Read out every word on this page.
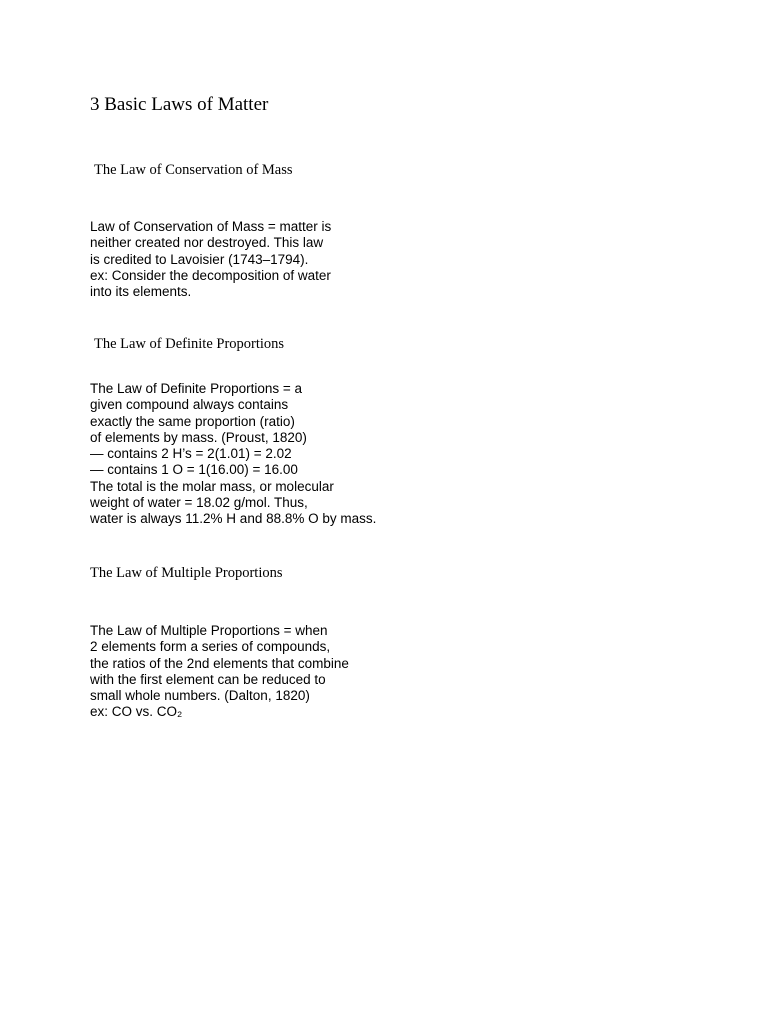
3 Basic Laws of Matter
The Law of Conservation of Mass
Law of Conservation of Mass = matter is
neither created nor destroyed. This law
is credited to Lavoisier (1743–1794).
ex: Consider the decomposition of water
into its elements.
The Law of Definite Proportions
The Law of Definite Proportions = a
given compound always contains
exactly the same proportion (ratio)
of elements by mass. (Proust, 1820)
— contains 2 H’s = 2(1.01) = 2.02
— contains 1 O = 1(16.00) = 16.00
The total is the molar mass, or molecular
weight of water = 18.02 g/mol. Thus,
water is always 11.2% H and 88.8% O by mass.
The Law of Multiple Proportions
The Law of Multiple Proportions = when
2 elements form a series of compounds,
the ratios of the 2nd elements that combine
with the first element can be reduced to
small whole numbers. (Dalton, 1820)
ex: CO vs. CO₂
